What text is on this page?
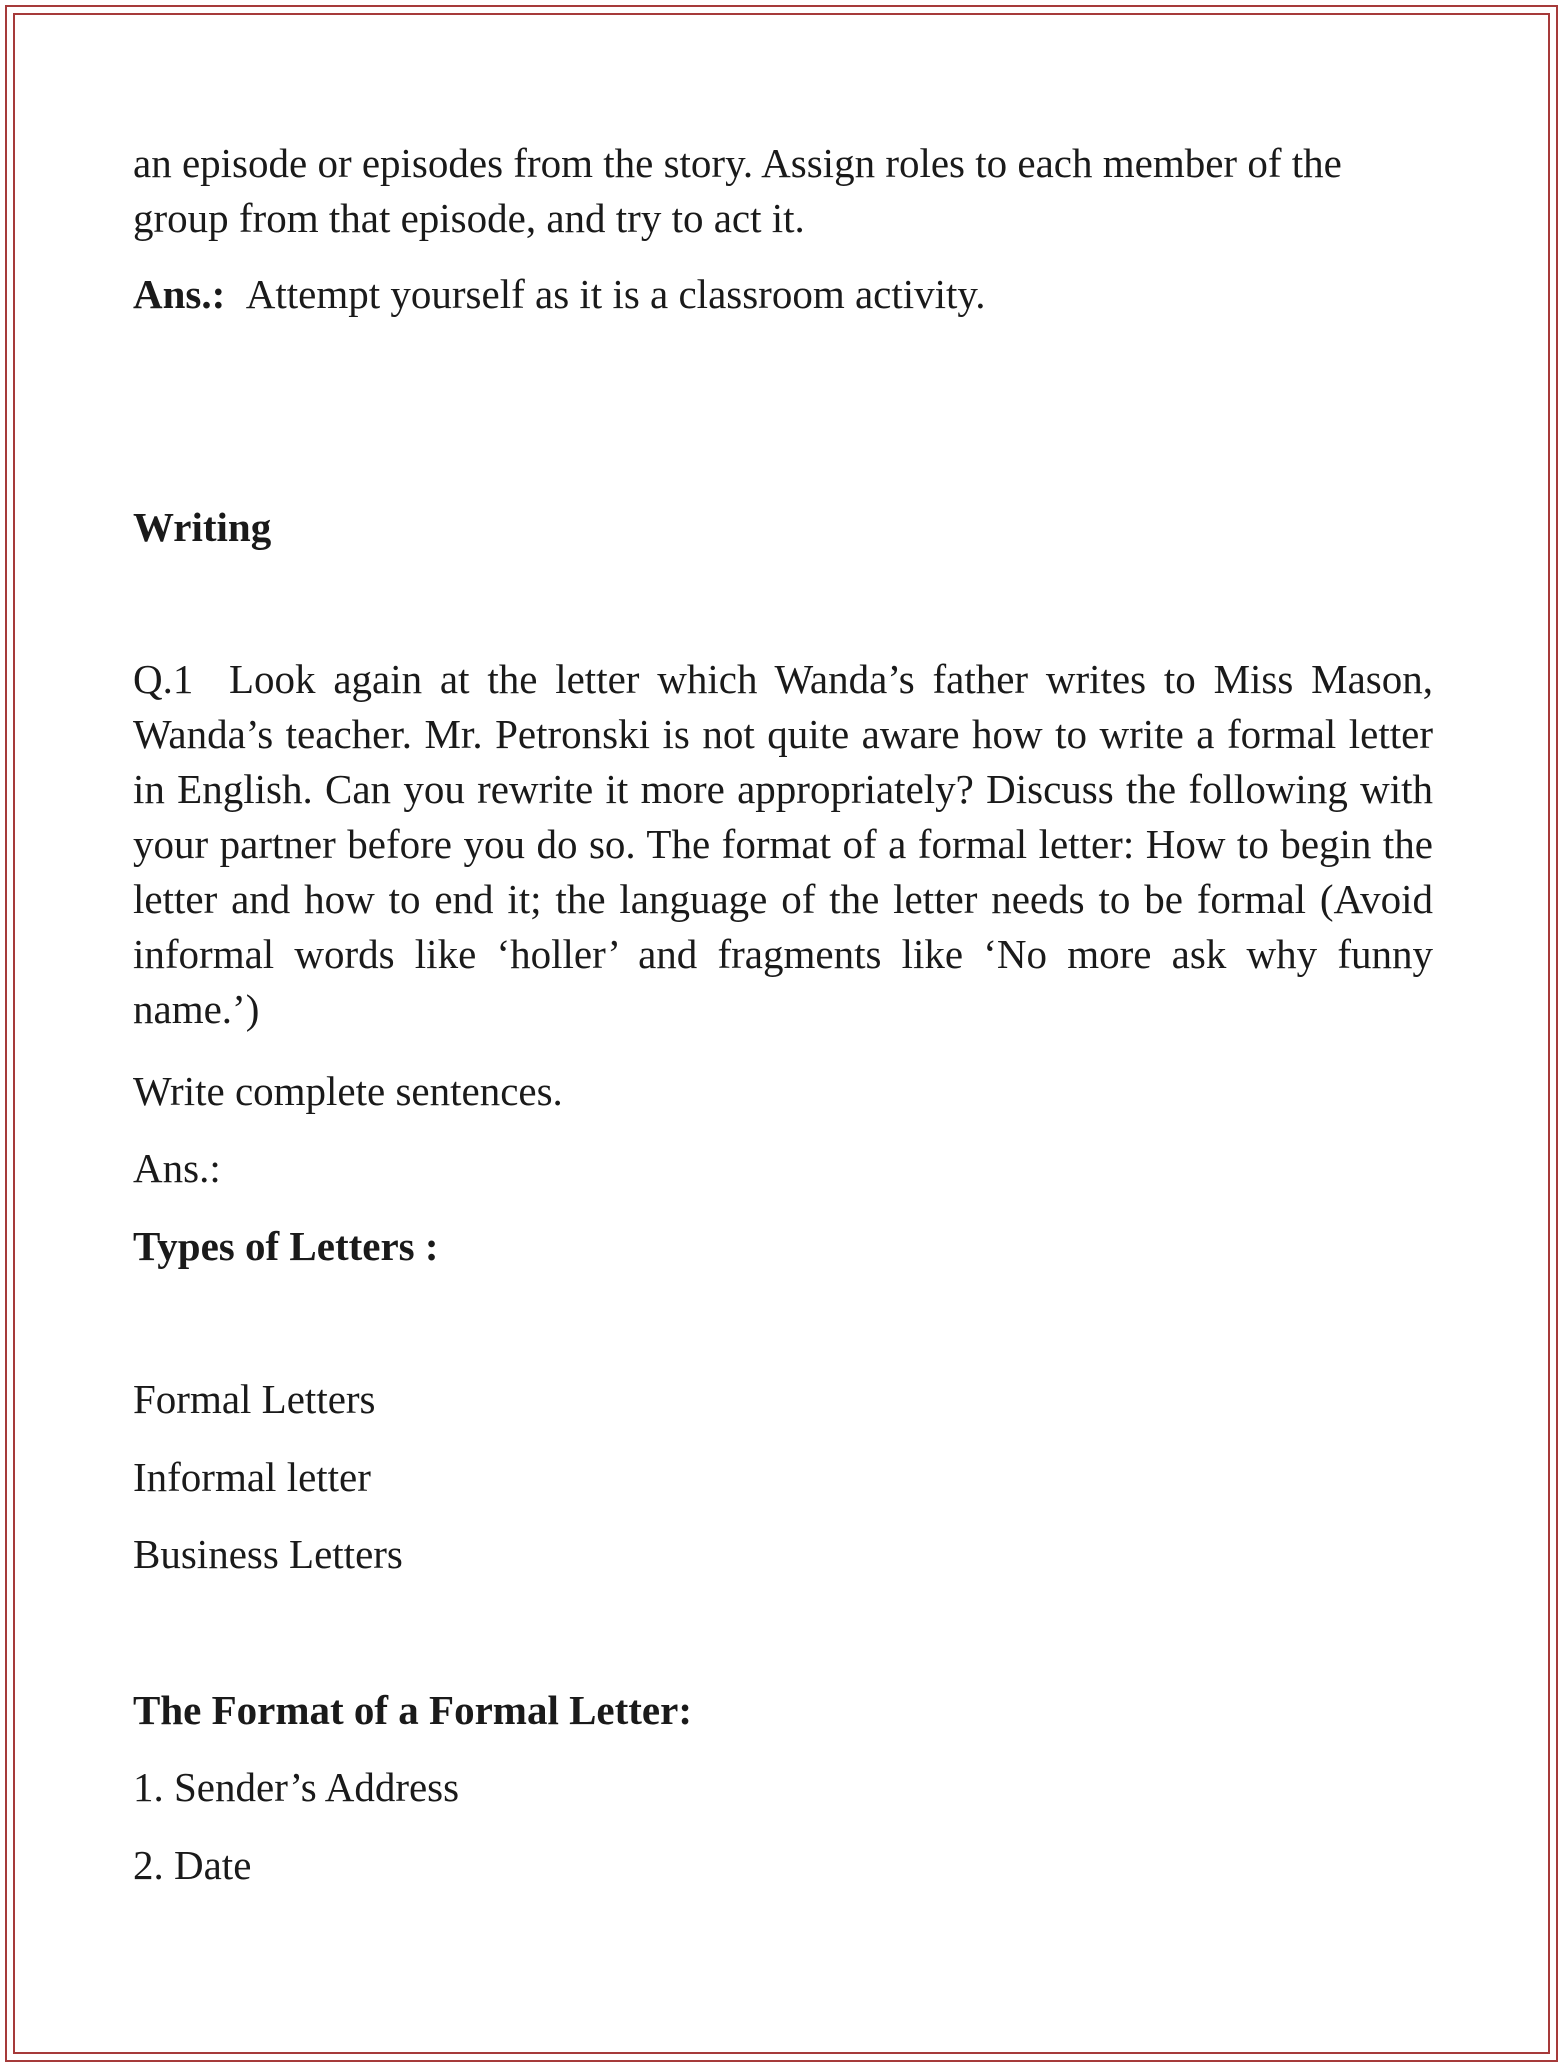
an episode or episodes from the story. Assign roles to each member of the
group from that episode, and try to act it.
Ans.: Attempt yourself as it is a classroom activity.
Writing
Q.1 Look again at the letter which Wanda’s father writes to Miss Mason, Wanda’s teacher. Mr. Petronski is not quite aware how to write a formal letter in English. Can you rewrite it more appropriately? Discuss the following with your partner before you do so. The format of a formal letter: How to begin the letter and how to end it; the language of the letter needs to be formal (Avoid informal words like ‘holler’ and fragments like ‘No more ask why funny name.’)
Write complete sentences.
Ans.:
Types of Letters :
Formal Letters
Informal letter
Business Letters
The Format of a Formal Letter:
1. Sender’s Address
2. Date
